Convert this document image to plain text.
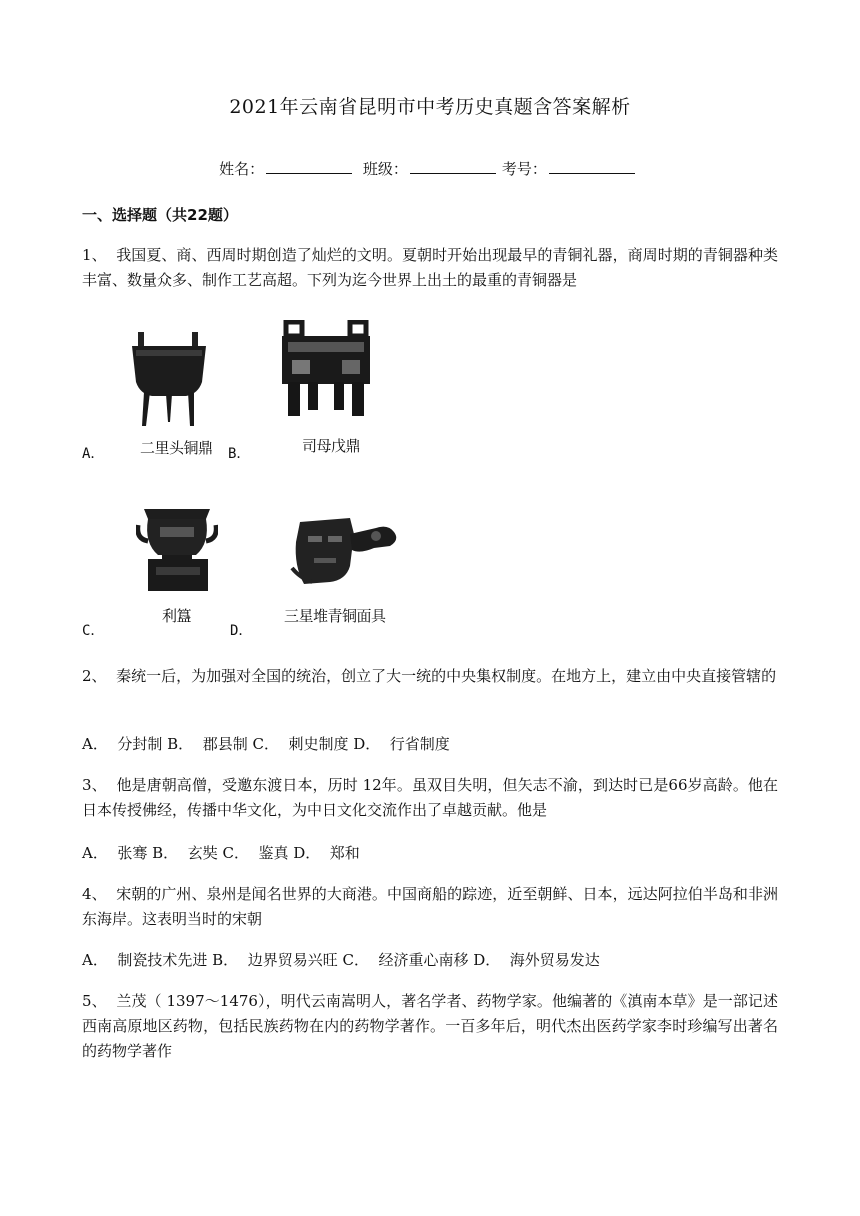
2021年云南省昆明市中考历史真题含答案解析
姓名：	班级：	考号：
一、选择题（共22题）
1、 我国夏、商、西周时期创造了灿烂的文明。夏朝时开始出现最早的青铜礼器，商周时期的青铜器种类丰富、数量众多、制作工艺高超。下列为迄今世界上出土的最重的青铜器是
A． 二里头铜鼎 B．	司母戊鼎
C．
利簋
D．
三星堆青铜面具
2、 秦统一后，为加强对全国的统治，创立了大一统的中央集权制度。在地方上，建立由中央直接管辖的
A．  分封制 B．  郡县制 C．  刺史制度 D．  行省制度
3、 他是唐朝高僧，受邀东渡日本，历时 12年。虽双目失明，但矢志不渝，到达时已是66岁高龄。他在日本传授佛经，传播中华文化，为中日文化交流作出了卓越贡献。他是
A．  张骞 B．  玄奘 C．  鉴真 D．  郑和
4、 宋朝的广州、泉州是闻名世界的大商港。中国商船的踪迹，近至朝鲜、日本，远达阿拉伯半岛和非洲东海岸。这表明当时的宋朝
A．  制瓷技术先进 B．  边界贸易兴旺 C．  经济重心南移 D．  海外贸易发达
5、 兰茂（ 1397～1476），明代云南嵩明人，著名学者、药物学家。他编著的《滇南本草》是一部记述西南高原地区药物，包括民族药物在内的药物学著作。一百多年后，明代杰出医药学家李时珍编写出著名的药物学著作
